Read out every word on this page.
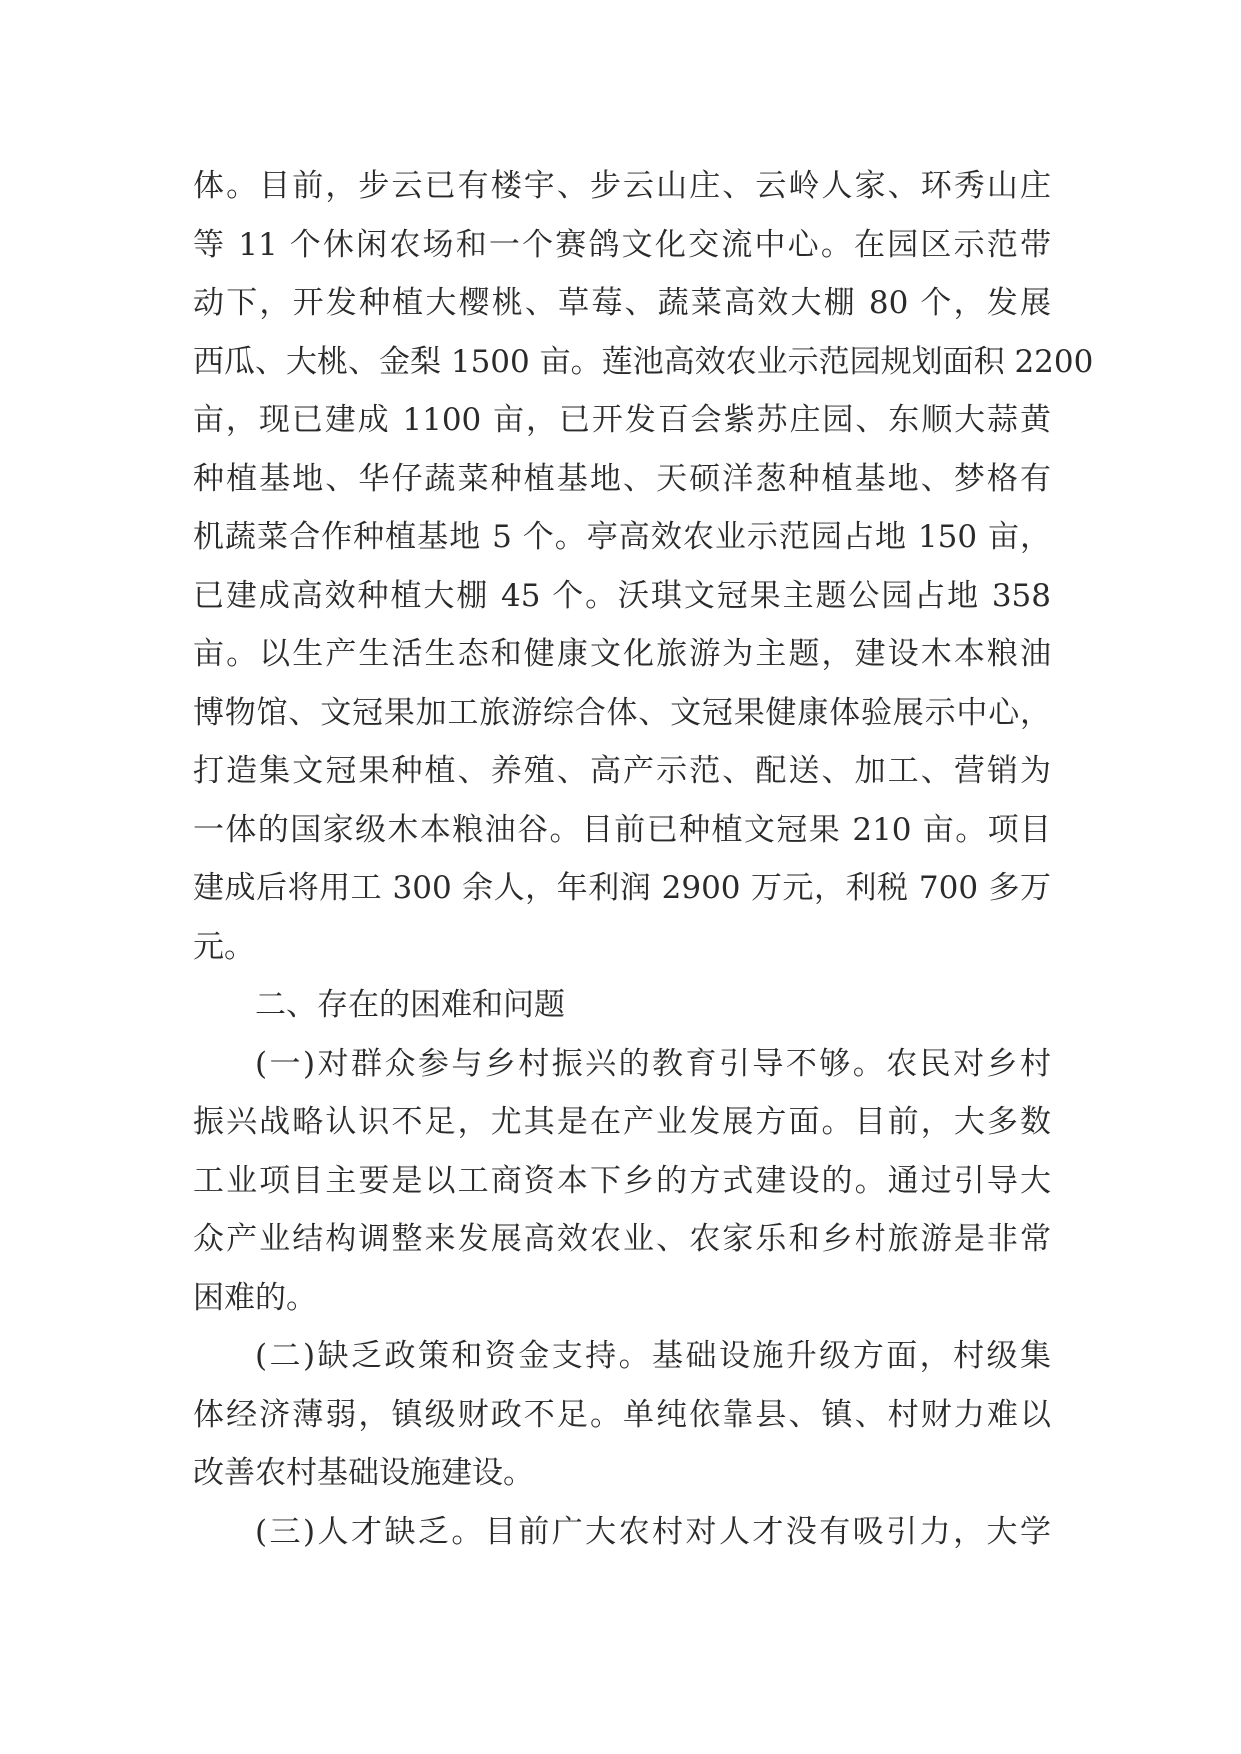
体。目前，步云已有楼宇、步云山庄、云岭人家、环秀山庄
等 11 个休闲农场和一个赛鸽文化交流中心。在园区示范带
动下，开发种植大樱桃、草莓、蔬菜高效大棚 80 个，发展
西瓜、大桃、金梨 1500 亩。莲池高效农业示范园规划面积 2200
亩，现已建成 1100 亩，已开发百会紫苏庄园、东顺大蒜黄
种植基地、华仔蔬菜种植基地、天硕洋葱种植基地、梦格有
机蔬菜合作种植基地 5 个。亭高效农业示范园占地 150 亩，
已建成高效种植大棚 45 个。沃琪文冠果主题公园占地 358
亩。以生产生活生态和健康文化旅游为主题，建设木本粮油
博物馆、文冠果加工旅游综合体、文冠果健康体验展示中心，
打造集文冠果种植、养殖、高产示范、配送、加工、营销为
一体的国家级木本粮油谷。目前已种植文冠果 210 亩。项目
建成后将用工 300 余人，年利润 2900 万元，利税 700 多万
元。
二、存在的困难和问题
(一)对群众参与乡村振兴的教育引导不够。农民对乡村
振兴战略认识不足，尤其是在产业发展方面。目前，大多数
工业项目主要是以工商资本下乡的方式建设的。通过引导大
众产业结构调整来发展高效农业、农家乐和乡村旅游是非常
困难的。
(二)缺乏政策和资金支持。基础设施升级方面，村级集
体经济薄弱，镇级财政不足。单纯依靠县、镇、村财力难以
改善农村基础设施建设。
(三)人才缺乏。目前广大农村对人才没有吸引力，大学
